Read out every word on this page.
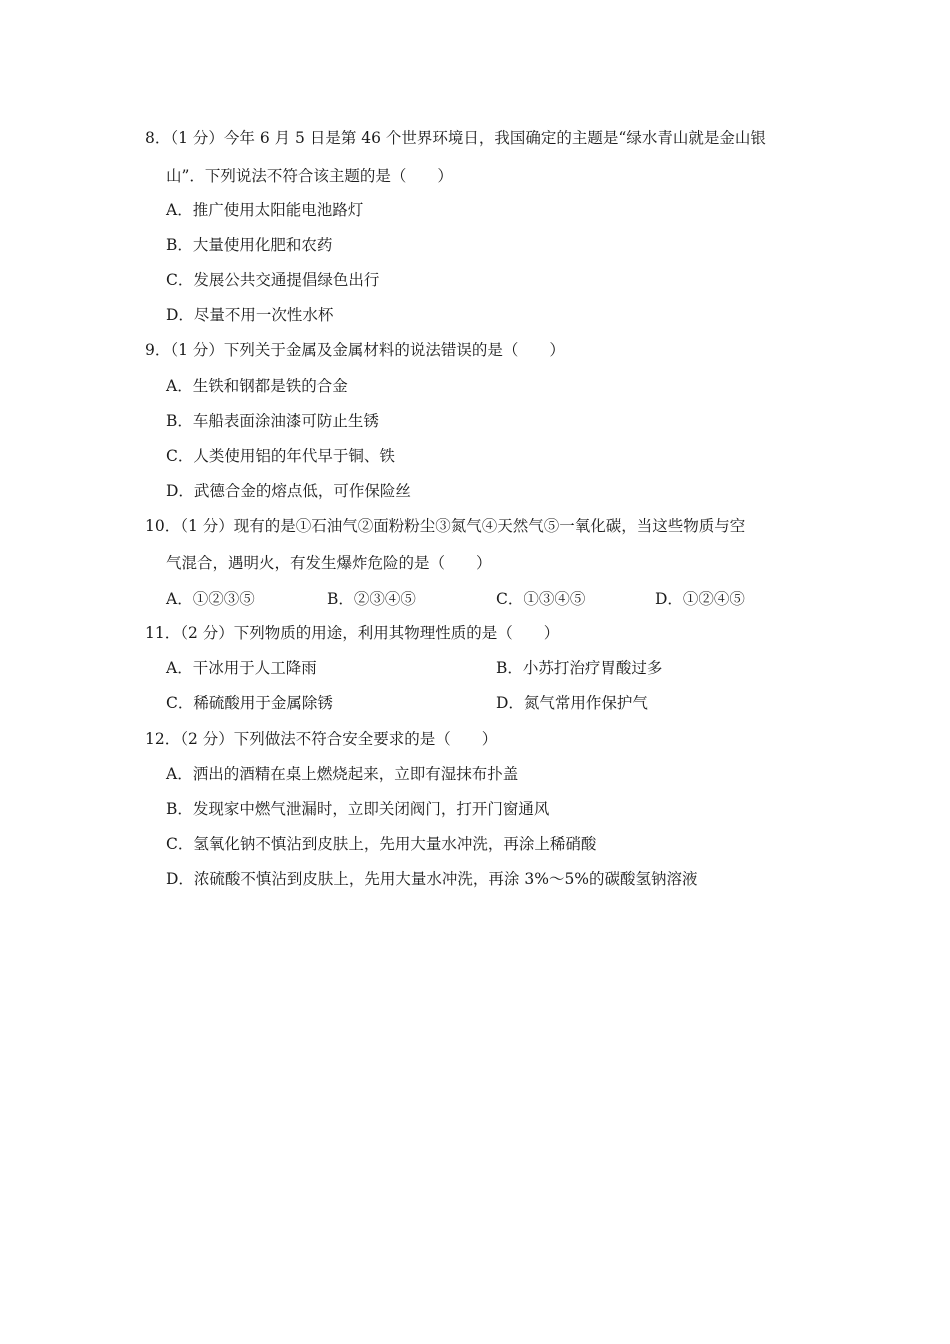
8．（1 分）今年 6 月 5 日是第 46 个世界环境日，我国确定的主题是“绿水青山就是金山银
山”．下列说法不符合该主题的是（　　）
A．推广使用太阳能电池路灯
B．大量使用化肥和农药
C．发展公共交通提倡绿色出行
D．尽量不用一次性水杯
9．（1 分）下列关于金属及金属材料的说法错误的是（　　）
A．生铁和钢都是铁的合金
B．车船表面涂油漆可防止生锈
C．人类使用铝的年代早于铜、铁
D．武德合金的熔点低，可作保险丝
10．（1 分）现有的是①石油气②面粉粉尘③氮气④天然气⑤一氧化碳，当这些物质与空
气混合，遇明火，有发生爆炸危险的是（　　）
A．①②③⑤	B．②③④⑤	C．①③④⑤	D．①②④⑤
11．（2 分）下列物质的用途，利用其物理性质的是（　　）
A．干冰用于人工降雨	B．小苏打治疗胃酸过多
C．稀硫酸用于金属除锈	D．氮气常用作保护气
12．（2 分）下列做法不符合安全要求的是（　　）
A．洒出的酒精在桌上燃烧起来，立即有湿抹布扑盖
B．发现家中燃气泄漏时，立即关闭阀门，打开门窗通风
C．氢氧化钠不慎沾到皮肤上，先用大量水冲洗，再涂上稀硝酸
D．浓硫酸不慎沾到皮肤上，先用大量水冲洗，再涂 3%～5%的碳酸氢钠溶液
